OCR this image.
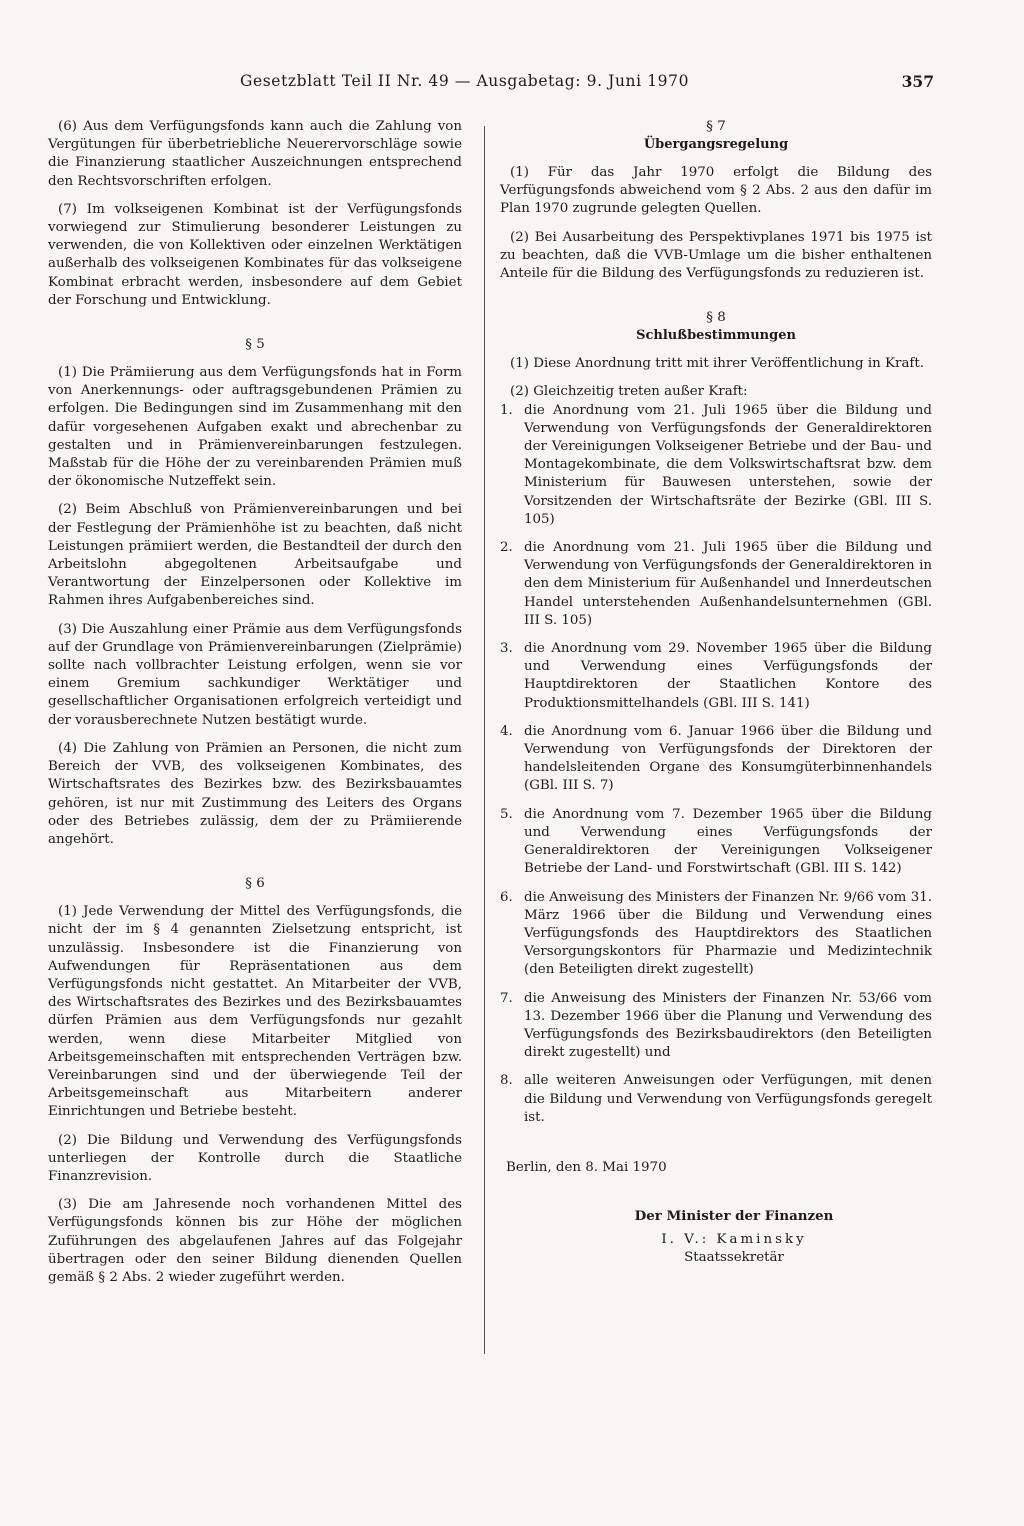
Gesetzblatt Teil II Nr. 49 — Ausgabetag: 9. Juni 1970	357

(6) Aus dem Verfügungsfonds kann auch die Zahlung von Vergütungen für überbetriebliche Neuerervorschläge sowie die Finanzierung staatlicher Auszeichnungen entsprechend den Rechtsvorschriften erfolgen.

(7) Im volkseigenen Kombinat ist der Verfügungsfonds vorwiegend zur Stimulierung besonderer Leistungen zu verwenden, die von Kollektiven oder einzelnen Werktätigen außerhalb des volkseigenen Kombinates für das volkseigene Kombinat erbracht werden, insbesondere auf dem Gebiet der Forschung und Entwicklung.

§ 5

(1) Die Prämiierung aus dem Verfügungsfonds hat in Form von Anerkennungs- oder auftragsgebundenen Prämien zu erfolgen. Die Bedingungen sind im Zusammenhang mit den dafür vorgesehenen Aufgaben exakt und abrechenbar zu gestalten und in Prämienvereinbarungen festzulegen. Maßstab für die Höhe der zu vereinbarenden Prämien muß der ökonomische Nutzeffekt sein.

(2) Beim Abschluß von Prämienvereinbarungen und bei der Festlegung der Prämienhöhe ist zu beachten, daß nicht Leistungen prämiiert werden, die Bestandteil der durch den Arbeitslohn abgegoltenen Arbeitsaufgabe und Verantwortung der Einzelpersonen oder Kollektive im Rahmen ihres Aufgabenbereiches sind.

(3) Die Auszahlung einer Prämie aus dem Verfügungsfonds auf der Grundlage von Prämienvereinbarungen (Zielprämie) sollte nach vollbrachter Leistung erfolgen, wenn sie vor einem Gremium sachkundiger Werktätiger und gesellschaftlicher Organisationen erfolgreich verteidigt und der vorausberechnete Nutzen bestätigt wurde.

(4) Die Zahlung von Prämien an Personen, die nicht zum Bereich der VVB, des volkseigenen Kombinates, des Wirtschaftsrates des Bezirkes bzw. des Bezirksbauamtes gehören, ist nur mit Zustimmung des Leiters des Organs oder des Betriebes zulässig, dem der zu Prämiierende angehört.

§ 6

(1) Jede Verwendung der Mittel des Verfügungsfonds, die nicht der im § 4 genannten Zielsetzung entspricht, ist unzulässig. Insbesondere ist die Finanzierung von Aufwendungen für Repräsentationen aus dem Verfügungsfonds nicht gestattet. An Mitarbeiter der VVB, des Wirtschaftsrates des Bezirkes und des Bezirksbauamtes dürfen Prämien aus dem Verfügungsfonds nur gezahlt werden, wenn diese Mitarbeiter Mitglied von Arbeitsgemeinschaften mit entsprechenden Verträgen bzw. Vereinbarungen sind und der überwiegende Teil der Arbeitsgemeinschaft aus Mitarbeitern anderer Einrichtungen und Betriebe besteht.

(2) Die Bildung und Verwendung des Verfügungsfonds unterliegen der Kontrolle durch die Staatliche Finanzrevision.

(3) Die am Jahresende noch vorhandenen Mittel des Verfügungsfonds können bis zur Höhe der möglichen Zuführungen des abgelaufenen Jahres auf das Folgejahr übertragen oder den seiner Bildung dienenden Quellen gemäß § 2 Abs. 2 wieder zugeführt werden.

§ 7

Übergangsregelung

(1) Für das Jahr 1970 erfolgt die Bildung des Verfügungsfonds abweichend vom § 2 Abs. 2 aus den dafür im Plan 1970 zugrunde gelegten Quellen.

(2) Bei Ausarbeitung des Perspektivplanes 1971 bis 1975 ist zu beachten, daß die VVB-Umlage um die bisher enthaltenen Anteile für die Bildung des Verfügungsfonds zu reduzieren ist.

§ 8

Schlußbestimmungen

(1) Diese Anordnung tritt mit ihrer Veröffentlichung in Kraft.

(2) Gleichzeitig treten außer Kraft:

1. die Anordnung vom 21. Juli 1965 über die Bildung und Verwendung von Verfügungsfonds der Generaldirektoren der Vereinigungen Volkseigener Betriebe und der Bau- und Montagekombinate, die dem Volkswirtschaftsrat bzw. dem Ministerium für Bauwesen unterstehen, sowie der Vorsitzenden der Wirtschaftsräte der Bezirke (GBl. III S. 105)
2. die Anordnung vom 21. Juli 1965 über die Bildung und Verwendung von Verfügungsfonds der Generaldirektoren in den dem Ministerium für Außenhandel und Innerdeutschen Handel unterstehenden Außenhandelsunternehmen (GBl. III S. 105)
3. die Anordnung vom 29. November 1965 über die Bildung und Verwendung eines Verfügungsfonds der Hauptdirektoren der Staatlichen Kontore des Produktionsmittelhandels (GBl. III S. 141)
4. die Anordnung vom 6. Januar 1966 über die Bildung und Verwendung von Verfügungsfonds der Direktoren der handelsleitenden Organe des Konsumgüterbinnenhandels (GBl. III S. 7)
5. die Anordnung vom 7. Dezember 1965 über die Bildung und Verwendung eines Verfügungsfonds der Generaldirektoren der Vereinigungen Volkseigener Betriebe der Land- und Forstwirtschaft (GBl. III S. 142)
6. die Anweisung des Ministers der Finanzen Nr. 9/66 vom 31. März 1966 über die Bildung und Verwendung eines Verfügungsfonds des Hauptdirektors des Staatlichen Versorgungskontors für Pharmazie und Medizintechnik (den Beteiligten direkt zugestellt)
7. die Anweisung des Ministers der Finanzen Nr. 53/66 vom 13. Dezember 1966 über die Planung und Verwendung des Verfügungsfonds des Bezirksbaudirektors (den Beteiligten direkt zugestellt) und
8. alle weiteren Anweisungen oder Verfügungen, mit denen die Bildung und Verwendung von Verfügungsfonds geregelt ist.
Berlin, den 8. Mai 1970
Der Minister der Finanzen
I. V.: Kaminsky
Staatssekretär
